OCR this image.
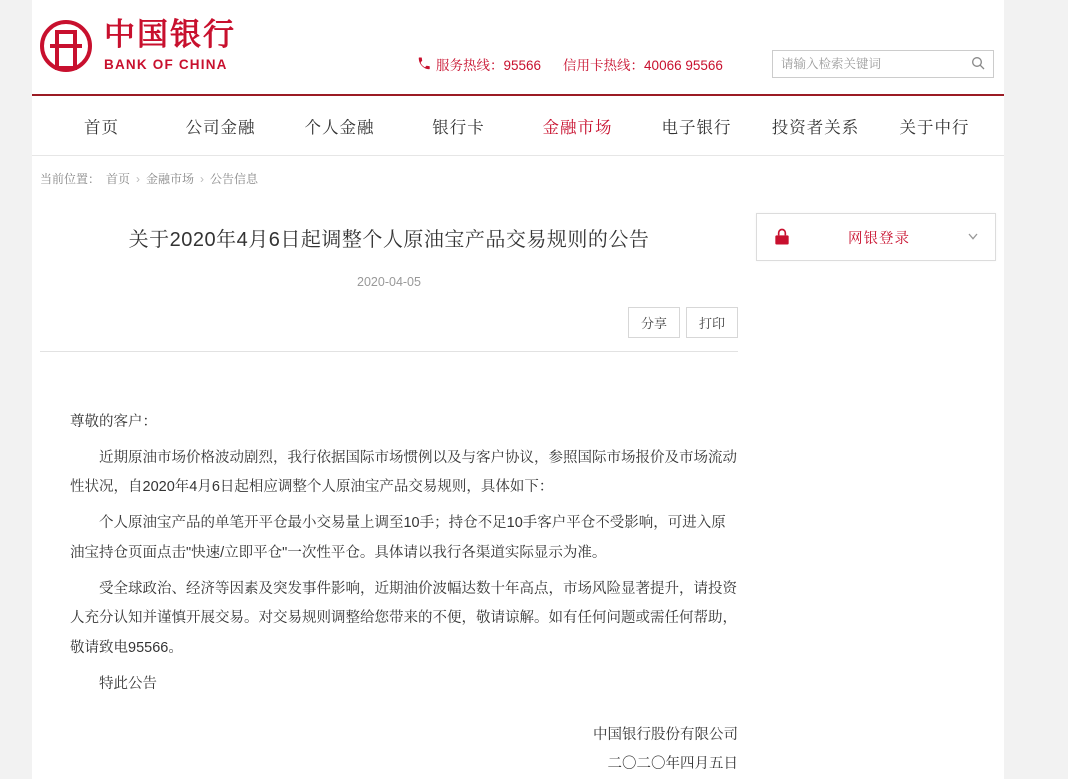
中国银行
BANK OF CHINA	服务热线：95566 信用卡热线：40066 95566
请输入检索关键词
首页	公司金融	个人金融	银行卡	金融市场	电子银行	投资者关系	关于中行
当前位置： 首页 › 金融市场 › 公告信息
关于2020年4月6日起调整个人原油宝产品交易规则的公告
2020-04-05
分享	打印

尊敬的客户：

近期原油市场价格波动剧烈，我行依据国际市场惯例以及与客户协议，参照国际市场报价及市场流动性状况，自2020年4月6日起相应调整个人原油宝产品交易规则，具体如下：

个人原油宝产品的单笔开平仓最小交易量上调至10手；持仓不足10手客户平仓不受影响，可进入原油宝持仓页面点击"快速/立即平仓"一次性平仓。具体请以我行各渠道实际显示为准。

受全球政治、经济等因素及突发事件影响，近期油价波幅达数十年高点，市场风险显著提升，请投资人充分认知并谨慎开展交易。对交易规则调整给您带来的不便，敬请谅解。如有任何问题或需任何帮助，敬请致电95566。

特此公告

中国银行股份有限公司
二〇二〇年四月五日
网银登录
